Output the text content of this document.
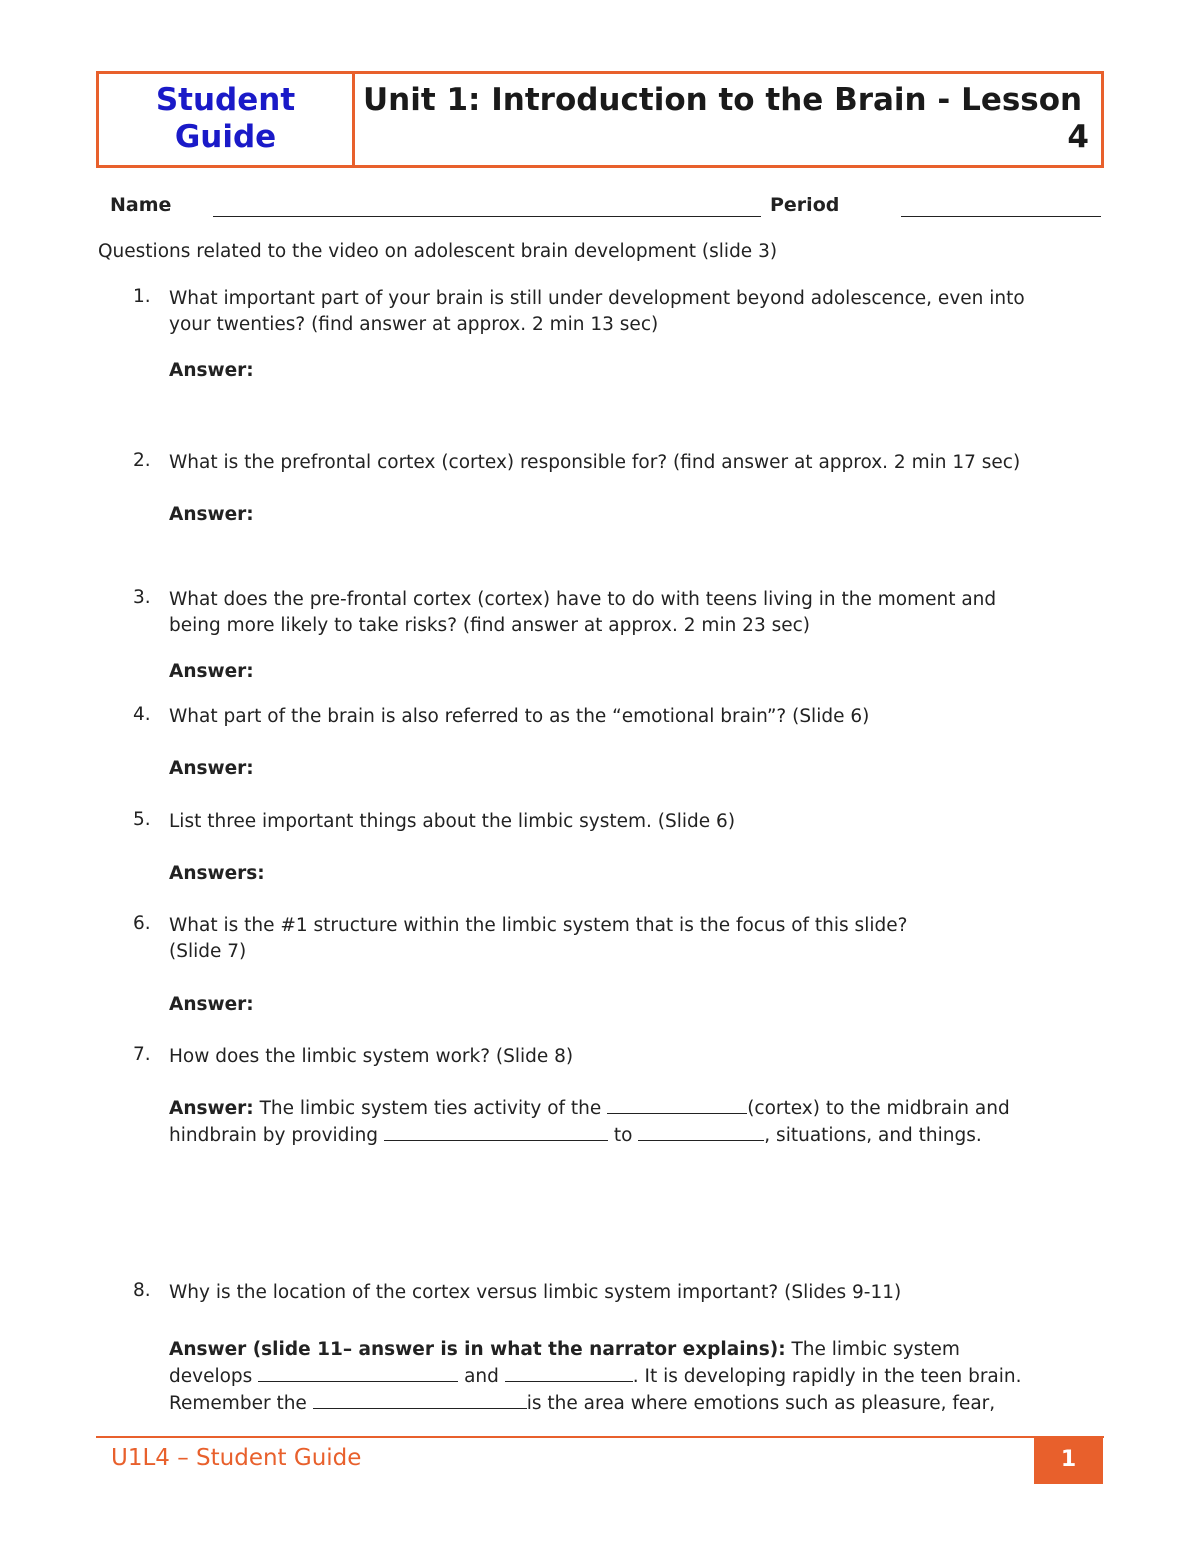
Student
Guide
Unit 1: Introduction to the Brain - Lesson
4
Name	Period
Questions related to the video on adolescent brain development (slide 3)
1. What important part of your brain is still under development beyond adolescence, even into
your twenties? (find answer at approx. 2 min 13 sec)
Answer:
2. What is the prefrontal cortex (cortex) responsible for? (find answer at approx. 2 min 17 sec)
Answer:
3. What does the pre-frontal cortex (cortex) have to do with teens living in the moment and
being more likely to take risks? (find answer at approx. 2 min 23 sec)
Answer:
4. What part of the brain is also referred to as the “emotional brain”? (Slide 6)
Answer:
5. List three important things about the limbic system. (Slide 6)
Answers:
6. What is the #1 structure within the limbic system that is the focus of this slide?
(Slide 7)
Answer:
7. How does the limbic system work? (Slide 8)
Answer: The limbic system ties activity of the	(cortex) to the midbrain and
hindbrain by providing	to	, situations, and things.
8. Why is the location of the cortex versus limbic system important? (Slides 9-11)
Answer (slide 11– answer is in what the narrator explains): The limbic system
develops	and	. It is developing rapidly in the teen brain.
Remember the	is the area where emotions such as pleasure, fear,
U1L4 – Student Guide	1
